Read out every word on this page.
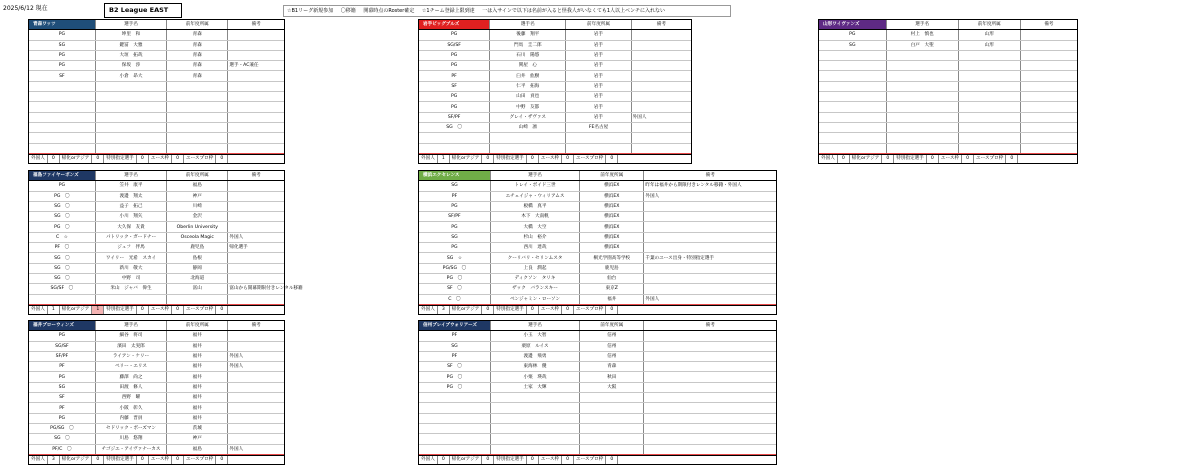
2025/6/12 現在	B2 League EAST	☆B1リーグ新規参加 〇移籍 開幕時点のRoster確定 ☆1チーム登録上限到達 一は入サインで以下は名前が入ると怪我人がいなくても1人以上ベンチに入れない
青森ワッツ	選手名	前年度所属	備考
PG	坤里　和	青森	
SG	鍵冨　大雅	青森	
PG	大垣　拓哉	青森	
PG	保坂　渉	青森	選手・AC兼任
SF	小倉　昂大	青森	

外国人	0	帰化orアジア	0	特別指定選手	0	ユース枠	0	ユースプロ枠	0
岩手ビッグブルズ	選手名	前年度所属	備考
PG	後藤　翔平	岩手	
SG/SF	門馬　圭二郎	岩手	
PG	石川　陽悠	岩手	
PG	関屋　心	岩手	
PF	臼井　紘樹	岩手	
SF	仁平　拓海	岩手	
PG	山田　貢也	岩手	
PG	中野　友都	岩手	
SF/PF	グレイ・ザヴァス	岩手	外国人
SG　〇	山崎　凛	FE名古屋	

外国人	1	帰化orアジア	0	特別指定選手	0	ユース枠	0	ユースプロ枠	0
山形ワイヴァンズ	選手名	前年度所属	備考
PG	村上　慎也	山形	
SG	白戸　大聖	山形	

外国人	0	帰化orアジア	0	特別指定選手	0	ユース枠	0	ユースプロ枠	0
福島ファイヤーボンズ	選手名	前年度所属	備考
PG	笠井　康平	福島	
PG　〇	渡邊　翔太	神戸	
SG　〇	益子　拓己	川崎	
SG　〇	小川　翔矢	金沢	
PG　〇	大久保　友貴	Oberlin University	
C　☆	パトリック・ガードナー	Osceola Magic	外国人
PF　〇	ジュフ　伴馬	鹿児島	帰化選手
SG　〇	ワイリー　光希　スカイ	島根	
SG　〇	新川　敬大	静岡	
SG　〇	中野　司	北海道	
SG/SF　〇	米山　ジャバ　偉生	富山	富山から開幕期限付きレンタル移籍

外国人	1	帰化orアジア	1	特別指定選手	0	ユース枠	0	ユースプロ枠	0
横浜エクセレンス	選手名	前年度所属	備考
SG	トレイ・ボイド三世	横浜EX	昨年は福井から期限付きレンタル移籍・外国人
PF	エチェイジャ・ウィリアムス	横浜EX	外国人
PG	板橋　真平	横浜EX	
SF/PF	木下　大南帆	横浜EX	
PG	大橋　大空	横浜EX	
SG	杉山　裕介	横浜EX	
PG	西川　達哉	横浜EX	
SG　☆	クーリバリ・セリンムスタ	桐光学園高等学校	千葉のユース出身・特別指定選手
PG/SG　〇	上良　潤起	鹿児島	
PG　〇	ディクソン　タリキ	仙台	
SF　〇	ザック　バランスキー	東京Z	
C　〇	ベンジャミン・ローソン	福井	外国人
外国人	3	帰化orアジア	0	特別指定選手	0	ユース枠	0	ユースプロ枠	0
福井ブローウィンズ	選手名	前年度所属	備考
PG	細谷　将司	福井	
SG/SF	濱田　太実郎	福井	
SF/PF	ライアン・ケリー	福井	外国人
PF	ペリー・エリス	福井	外国人
PG	藤澤　尚之	福井	
SG	田渡　修人	福井	
SF	西野　曜	福井	
PF	小阪　彰久	福井	
PG	内藤　晋員	福井	
PG/SG　〇	セドリック・ボーズマン	茨城	
SG　〇	川島　悠翔	神戸	
PF/C　〇	チゴジエ・アイヴァナーカス	福島	外国人
外国人	3	帰化orアジア	0	特別指定選手	0	ユース枠	0	ユースプロ枠	0
信州ブレイブウォリアーズ	選手名	前年度所属	備考
PF	小玉　大智	信州	
SG	栗原　ルイス	信州	
PF	渡邊　飛勇	信州	
SF　〇	東海林　優	青森	
PG　〇	小栗　瑛哉	秋田	
PG　〇	土家　大輝	大阪	

外国人	0	帰化orアジア	0	特別指定選手	0	ユース枠	0	ユースプロ枠	0
